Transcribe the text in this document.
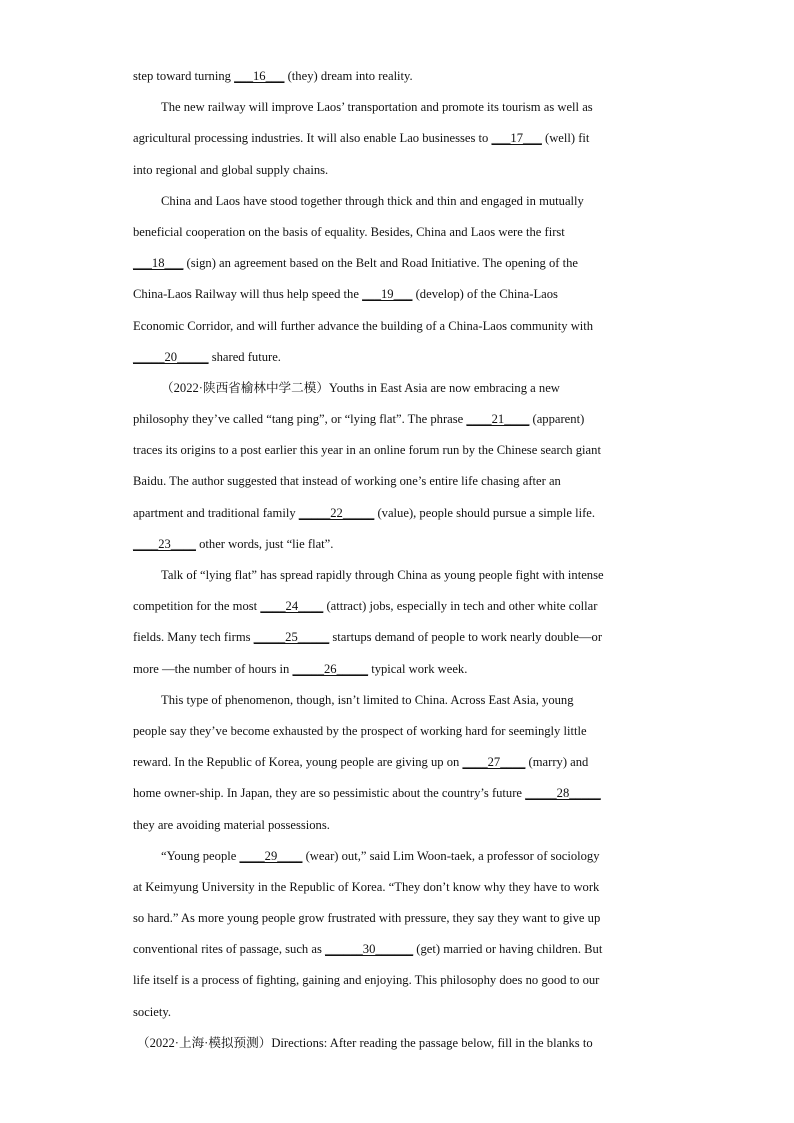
step toward turning ___16___ (they) dream into reality.
The new railway will improve Laos’ transportation and promote its tourism as well as
agricultural processing industries. It will also enable Lao businesses to ___17___ (well) fit
into regional and global supply chains.
China and Laos have stood together through thick and thin and engaged in mutually
beneficial cooperation on the basis of equality. Besides, China and Laos were the first
___18___ (sign) an agreement based on the Belt and Road Initiative. The opening of the
China-Laos Railway will thus help speed the ___19___ (develop) of the China-Laos
Economic Corridor, and will further advance the building of a China-Laos community with
_____20_____ shared future.
（2022·陕西省榆林中学二模）Youths in East Asia are now embracing a new
philosophy they’ve called “tang ping”, or “lying flat”. The phrase ____21____ (apparent)
traces its origins to a post earlier this year in an online forum run by the Chinese search giant
Baidu. The author suggested that instead of working one’s entire life chasing after an
apartment and traditional family _____22_____ (value), people should pursue a simple life.
____23____ other words, just “lie flat”.
Talk of “lying flat” has spread rapidly through China as young people fight with intense
competition for the most ____24____ (attract) jobs, especially in tech and other white collar
fields. Many tech firms _____25_____ startups demand of people to work nearly double—or
more —the number of hours in _____26_____ typical work week.
This type of phenomenon, though, isn’t limited to China. Across East Asia, young
people say they’ve become exhausted by the prospect of working hard for seemingly little
reward. In the Republic of Korea, young people are giving up on ____27____ (marry) and
home owner-ship. In Japan, they are so pessimistic about the country’s future _____28_____
they are avoiding material possessions.
“Young people ____29____ (wear) out,” said Lim Woon-taek, a professor of sociology
at Keimyung University in the Republic of Korea. “They don’t know why they have to work
so hard.” As more young people grow frustrated with pressure, they say they want to give up
conventional rites of passage, such as ______30______ (get) married or having children. But
life itself is a process of fighting, gaining and enjoying. This philosophy does no good to our
society.
（2022·上海·模拟预测）Directions: After reading the passage below, fill in the blanks to
